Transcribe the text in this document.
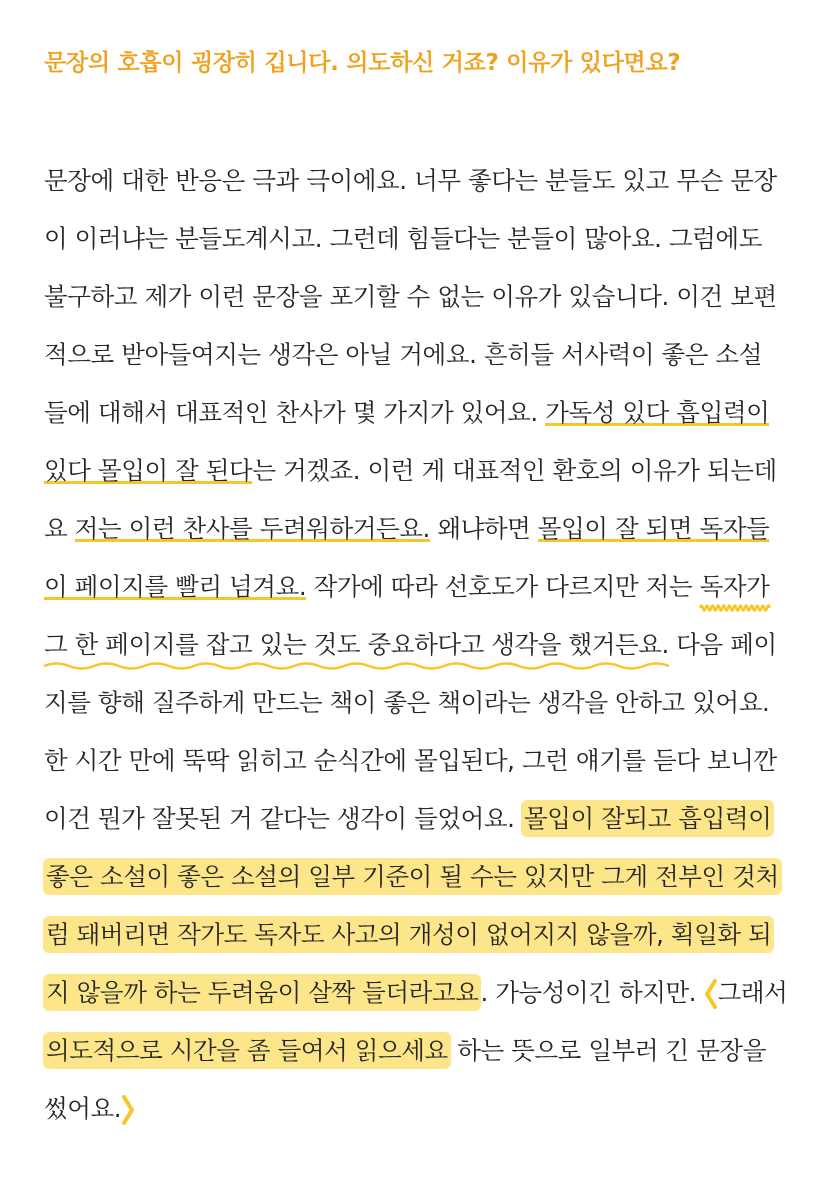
문장의 호흡이 굉장히 깁니다. 의도하신 거죠? 이유가 있다면요?
문장에 대한 반응은 극과 극이에요. 너무 좋다는 분들도 있고 무슨 문장
이 이러냐는 분들도계시고. 그런데 힘들다는 분들이 많아요. 그럼에도
불구하고 제가 이런 문장을 포기할 수 없는 이유가 있습니다. 이건 보편
적으로 받아들여지는 생각은 아닐 거에요. 흔히들 서사력이 좋은 소설
들에 대해서 대표적인 찬사가 몇 가지가 있어요. 가독성 있다 흡입력이
있다 몰입이 잘 된다는 거겠죠. 이런 게 대표적인 환호의 이유가 되는데
요 저는 이런 찬사를 두려워하거든요. 왜냐하면 몰입이 잘 되면 독자들
이 페이지를 빨리 넘겨요. 작가에 따라 선호도가 다르지만 저는 독자가
그 한 페이지를 잡고 있는 것도 중요하다고 생각을 했거든요.
다음 페이
지를 향해 질주하게 만드는 책이 좋은 책이라는 생각을 안하고 있어요.
한 시간 만에 뚝딱 읽히고 순식간에 몰입된다, 그런 얘기를 듣다 보니깐
이건 뭔가 잘못된 거 같다는 생각이 들었어요. 몰입이 잘되고 흡입력이
좋은 소설이 좋은 소설의 일부 기준이 될 수는 있지만 그게 전부인 것처
럼 돼버리면 작가도 독자도 사고의 개성이 없어지지 않을까, 획일화 되
지 않을까 하는 두려움이 살짝 들더라고요. 가능성이긴 하지만. 그래서
의도적으로 시간을 좀 들여서 읽으세요 하는 뜻으로 일부러 긴 문장을
썼어요.
